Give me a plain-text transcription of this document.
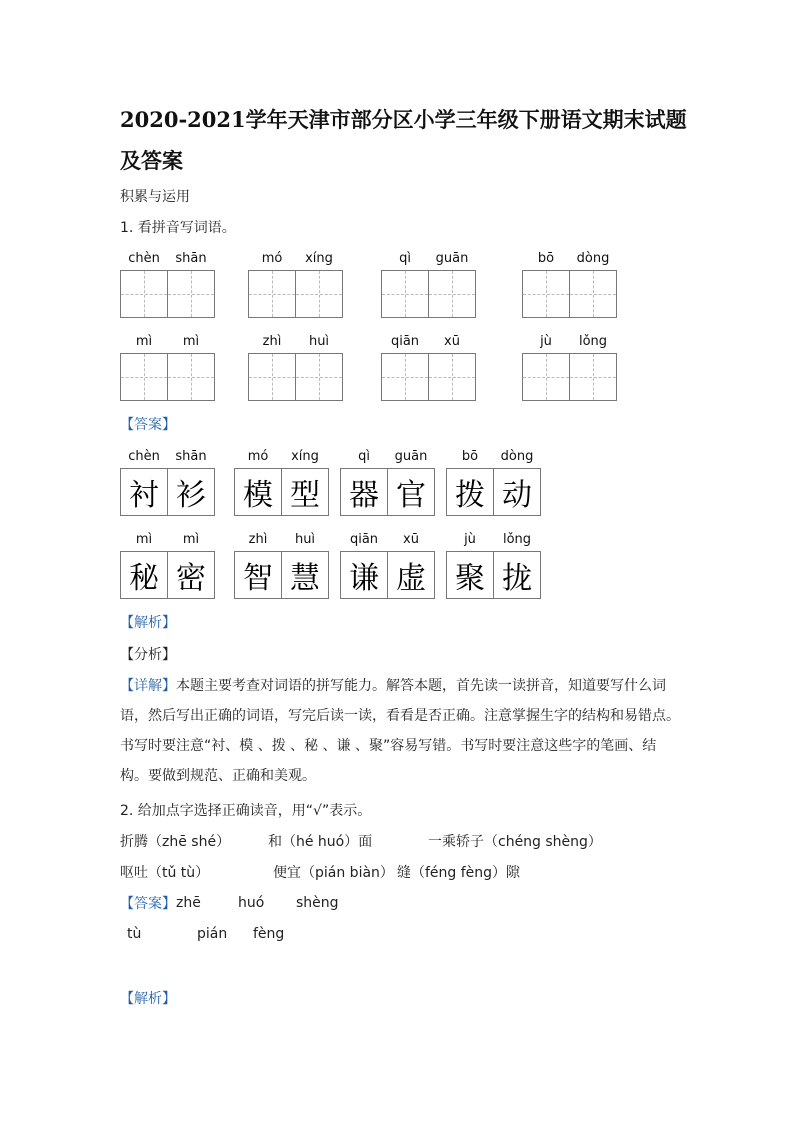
2020-2021学年天津市部分区小学三年级下册语文期末试题
及答案
积累与运用
1. 看拼音写词语。
chèn	shān	mó	xíng	qì	guān	bō	dòng
mì	mì	zhì	huì	qiān	xū	jù	lǒng
【答案】
chèn	shān
衬 衫
mó	xíng
模 型
qì	guān
器 官
bō	dòng
拨 动
mì	mì
秘 密
zhì	huì
智 慧
qiān	xū
谦 虚
jù	lǒng
聚 拢
【解析】
【分析】
【详解】本题主要考查对词语的拼写能力。解答本题，首先读一读拼音，知道要写什么词语，然后写出正确的词语，写完后读一读，看看是否正确。注意掌握生字的结构和易错点。书写时要注意“衬、模 、拨 、秘 、谦 、聚”容易写错。书写时要注意这些字的笔画、结构。要做到规范、正确和美观。
2. 给加点字选择正确读音，用“√”表示。
折腾（zhē shé）	和（hé huó）面	一乘轿子（chéng shèng）
呕吐（tǔ tù）	便宜（pián biàn） 缝（féng fèng）隙
【答案】 zhē	huó shèng
tù	pián fèng
【解析】
